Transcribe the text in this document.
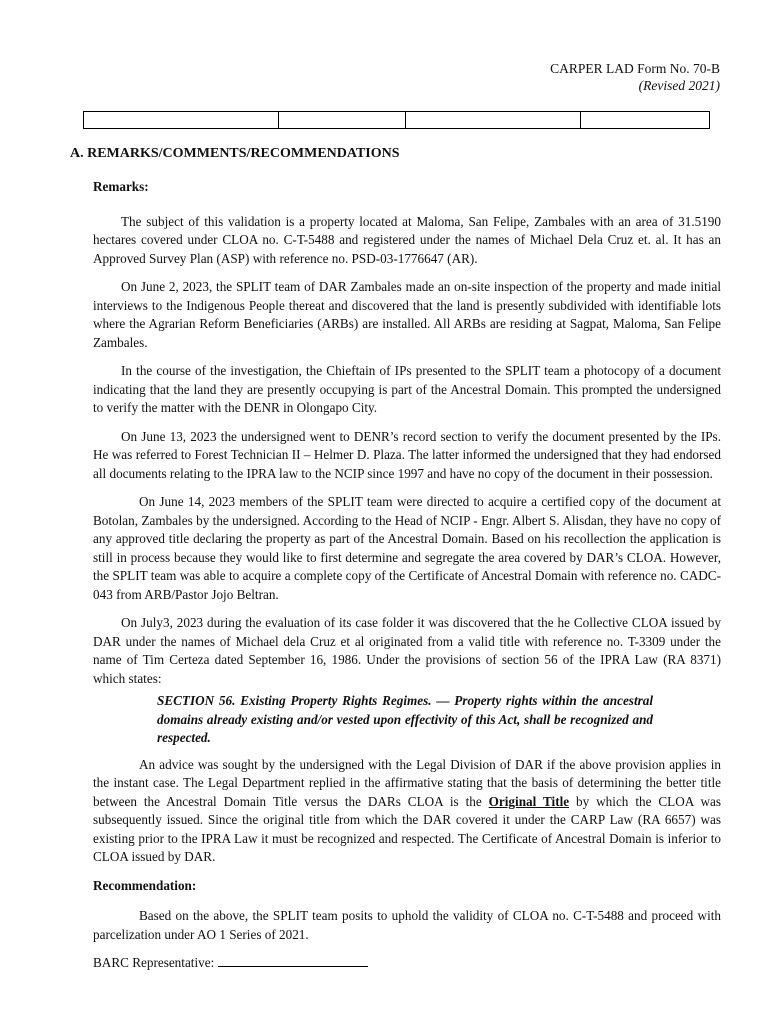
CARPER LAD Form No. 70-B
(Revised 2021)

A. REMARKS/COMMENTS/RECOMMENDATIONS
Remarks:

The subject of this validation is a property located at Maloma, San Felipe, Zambales with an area of 31.5190 hectares covered under CLOA no. C-T-5488 and registered under the names of Michael Dela Cruz et. al. It has an Approved Survey Plan (ASP) with reference no. PSD-03-1776647 (AR).

On June 2, 2023, the SPLIT team of DAR Zambales made an on-site inspection of the property and made initial interviews to the Indigenous People thereat and discovered that the land is presently subdivided with identifiable lots where the Agrarian Reform Beneficiaries (ARBs) are installed. All ARBs are residing at Sagpat, Maloma, San Felipe Zambales.

In the course of the investigation, the Chieftain of IPs presented to the SPLIT team a photocopy of a document indicating that the land they are presently occupying is part of the Ancestral Domain. This prompted the undersigned to verify the matter with the DENR in Olongapo City.

On June 13, 2023 the undersigned went to DENR’s record section to verify the document presented by the IPs. He was referred to Forest Technician II – Helmer D. Plaza. The latter informed the undersigned that they had endorsed all documents relating to the IPRA law to the NCIP since 1997 and have no copy of the document in their possession.

On June 14, 2023 members of the SPLIT team were directed to acquire a certified copy of the document at Botolan, Zambales by the undersigned. According to the Head of NCIP - Engr. Albert S. Alisdan, they have no copy of any approved title declaring the property as part of the Ancestral Domain. Based on his recollection the application is still in process because they would like to first determine and segregate the area covered by DAR’s CLOA. However, the SPLIT team was able to acquire a complete copy of the Certificate of Ancestral Domain with reference no. CADC-043 from ARB/Pastor Jojo Beltran.

On July3, 2023 during the evaluation of its case folder it was discovered that the he Collective CLOA issued by DAR under the names of Michael dela Cruz et al originated from a valid title with reference no. T-3309 under the name of Tim Certeza dated September 16, 1986. Under the provisions of section 56 of the IPRA Law (RA 8371) which states:

SECTION 56. Existing Property Rights Regimes. — Property rights within the ancestral domains already existing and/or vested upon effectivity of this Act, shall be recognized and respected.

An advice was sought by the undersigned with the Legal Division of DAR if the above provision applies in the instant case. The Legal Department replied in the affirmative stating that the basis of determining the better title between the Ancestral Domain Title versus the DARs CLOA is the Original Title by which the CLOA was subsequently issued. Since the original title from which the DAR covered it under the CARP Law (RA 6657) was existing prior to the IPRA Law it must be recognized and respected. The Certificate of Ancestral Domain is inferior to CLOA issued by DAR.

Recommendation:

Based on the above, the SPLIT team posits to uphold the validity of CLOA no. C-T-5488 and proceed with parcelization under AO 1 Series of 2021.

BARC Representative:
